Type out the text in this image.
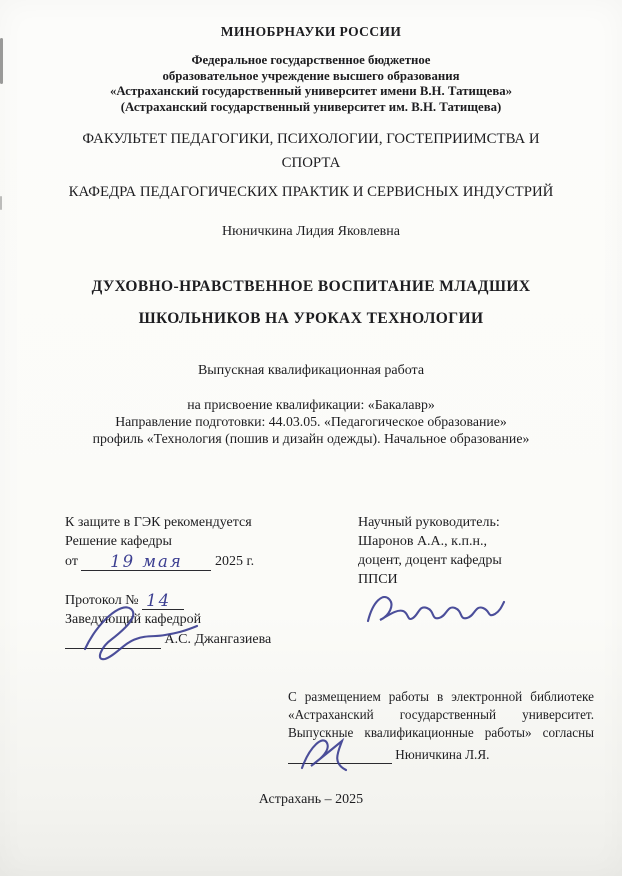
МИНОБРНАУКИ РОССИИ
Федеральное государственное бюджетное
образовательное учреждение высшего образования
«Астраханский государственный университет имени В.Н. Татищева»
(Астраханский государственный университет им. В.Н. Татищева)
ФАКУЛЬТЕТ ПЕДАГОГИКИ, ПСИХОЛОГИИ, ГОСТЕПРИИМСТВА И СПОРТА
КАФЕДРА ПЕДАГОГИЧЕСКИХ ПРАКТИК И СЕРВИСНЫХ ИНДУСТРИЙ
Нюничкина Лидия Яковлевна
ДУХОВНО-НРАВСТВЕННОЕ ВОСПИТАНИЕ МЛАДШИХ
ШКОЛЬНИКОВ НА УРОКАХ ТЕХНОЛОГИИ
Выпускная квалификационная работа
на присвоение квалификации: «Бакалавр»
Направление подготовки: 44.03.05. «Педагогическое образование»
профиль «Технология (пошив и дизайн одежды). Начальное образование»
К защите в ГЭК рекомендуется
Решение кафедры
от 19 мая 2025 г.
Протокол № 14
Заведующий кафедрой
А.С. Джангазиева
Научный руководитель:
Шаронов А.А., к.п.н.,
доцент, доцент кафедры
ППСИ
С размещением работы в электронной библиотеке
«Астраханский государственный университет.
Выпускные квалификационные работы» согласны
Нюничкина Л.Я.
Астрахань – 2025
